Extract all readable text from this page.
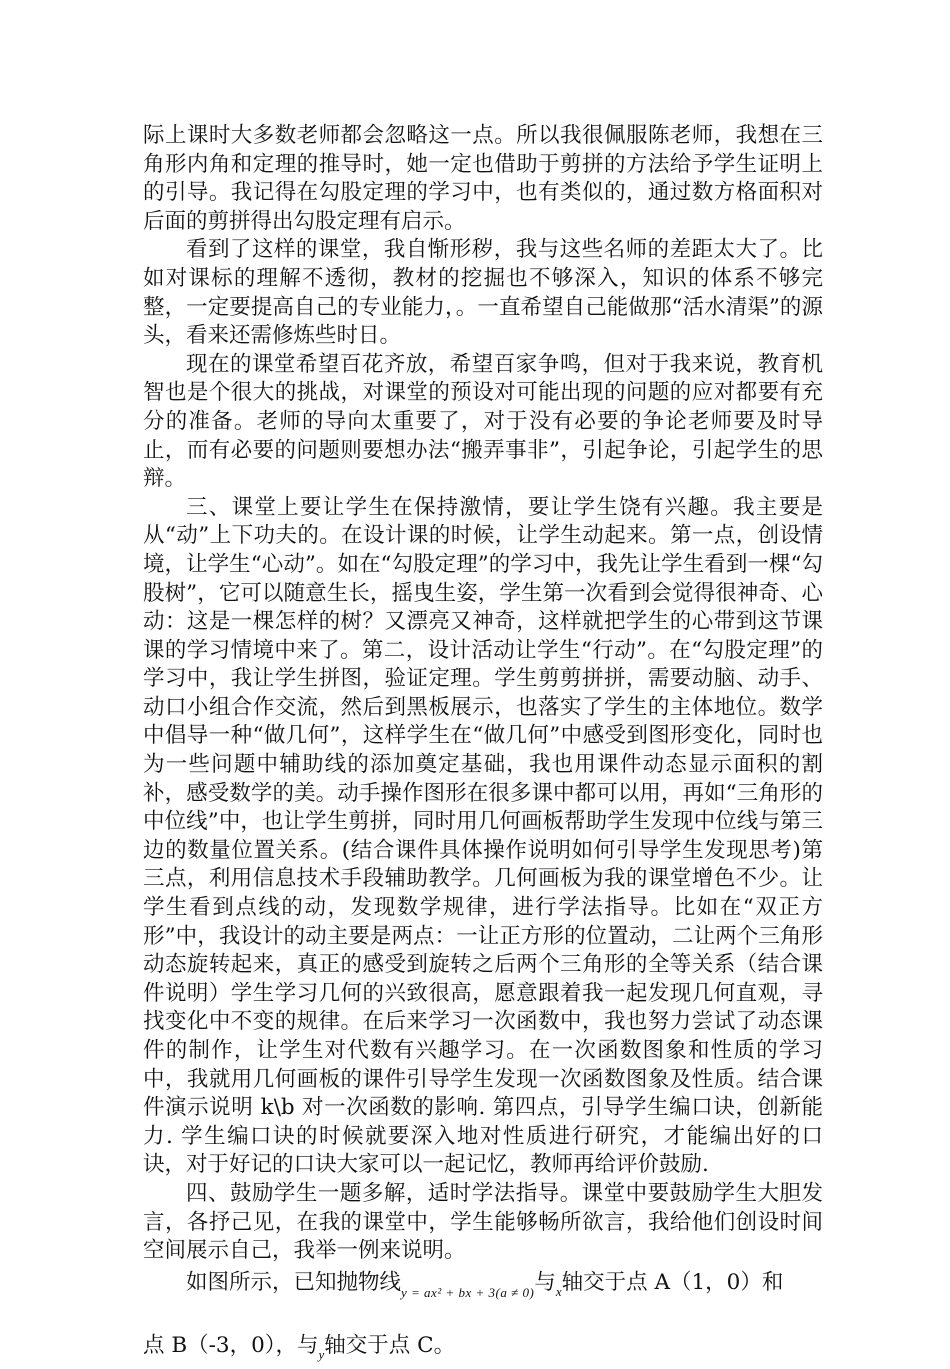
际上课时大多数老师都会忽略这一点。所以我很佩服陈老师，我想在三角形内角和定理的推导时，她一定也借助于剪拼的方法给予学生证明上的引导。我记得在勾股定理的学习中，也有类似的，通过数方格面积对后面的剪拼得出勾股定理有启示。

看到了这样的课堂，我自惭形秽，我与这些名师的差距太大了。比如对课标的理解不透彻，教材的挖掘也不够深入，知识的体系不够完整，一定要提高自己的专业能力，。一直希望自己能做那“活水清渠”的源头，看来还需修炼些时日。

现在的课堂希望百花齐放，希望百家争鸣，但对于我来说，教育机智也是个很大的挑战，对课堂的预设对可能出现的问题的应对都要有充分的准备。老师的导向太重要了，对于没有必要的争论老师要及时导止，而有必要的问题则要想办法“搬弄事非”，引起争论，引起学生的思辩。

三、课堂上要让学生在保持激情，要让学生饶有兴趣。我主要是从“动”上下功夫的。在设计课的时候，让学生动起来。第一点，创设情境，让学生“心动”。如在“勾股定理”的学习中，我先让学生看到一棵“勾股树”，它可以随意生长，摇曳生姿，学生第一次看到会觉得很神奇、心动：这是一棵怎样的树？又漂亮又神奇，这样就把学生的心带到这节课课的学习情境中来了。第二，设计活动让学生“行动”。在“勾股定理”的学习中，我让学生拼图，验证定理。学生剪剪拼拼，需要动脑、动手、动口小组合作交流，然后到黑板展示，也落实了学生的主体地位。数学中倡导一种“做几何”，这样学生在“做几何”中感受到图形变化，同时也为一些问题中辅助线的添加奠定基础，我也用课件动态显示面积的割补，感受数学的美。动手操作图形在很多课中都可以用，再如“三角形的中位线”中，也让学生剪拼，同时用几何画板帮助学生发现中位线与第三边的数量位置关系。(结合课件具体操作说明如何引导学生发现思考)第三点，利用信息技术手段辅助教学。几何画板为我的课堂增色不少。让学生看到点线的动，发现数学规律，进行学法指导。比如在“双正方形”中，我设计的动主要是两点：一让正方形的位置动，二让两个三角形动态旋转起来，真正的感受到旋转之后两个三角形的全等关系（结合课件说明）学生学习几何的兴致很高，愿意跟着我一起发现几何直观，寻找变化中不变的规律。在后来学习一次函数中，我也努力尝试了动态课件的制作，让学生对代数有兴趣学习。在一次函数图象和性质的学习中，我就用几何画板的课件引导学生发现一次函数图象及性质。结合课件演示说明 k\b 对一次函数的影响. 第四点，引导学生编口诀，创新能力. 学生编口诀的时候就要深入地对性质进行研究，才能编出好的口诀，对于好记的口诀大家可以一起记忆，教师再给评价鼓励.

四、鼓励学生一题多解，适时学法指导。课堂中要鼓励学生大胆发言，各抒己见，在我的课堂中，学生能够畅所欲言，我给他们创设时间空间展示自己，我举一例来说明。

如图所示，已知抛物线$_{y = ax^2 + bx + 3(a \ne 0)}$与$_x$轴交于点 A（1，0）和

点 B（-3，0），与$_y$轴交于点 C。
